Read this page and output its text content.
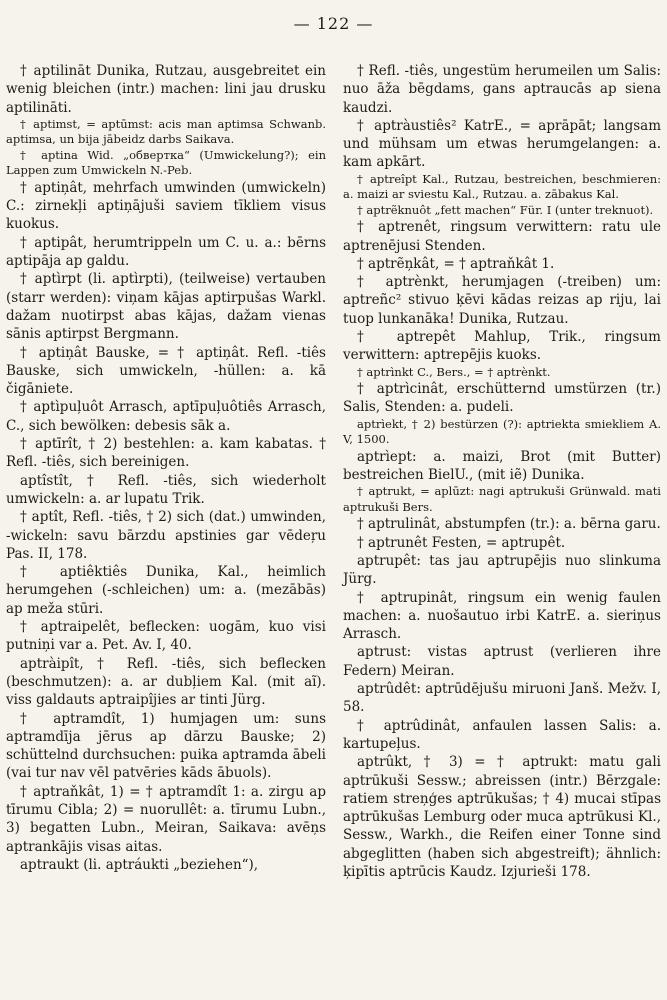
— 122 —

† aptilināt Dunika, Rutzau, ausgebreitet ein wenig bleichen (intr.) machen: lini jau drusku aptilināti.

† aptimst, = aptūmst: acis man aptimsa Schwanb. aptimsa, un bija jābeidz darbs Saikava.

† aptina Wid. „обвертка“ (Umwickelung?); ein Lappen zum Umwickeln N.-Peb.

† aptiņât, mehrfach umwinden (umwickeln) C.: zirnekļi aptiņājuši saviem tīkliem visus kuokus.

† aptipât, herumtrippeln um C. u. a.: bērns aptipāja ap galdu.

† aptìrpt (li. aptìrpti), (teilweise) vertauben (starr werden): viņam kājas aptirpušas Warkl. dažam nuotirpst abas kājas, dažam vienas sānis aptirpst Bergmann.

† aptiņât Bauske, = † aptiņât. Refl. -tiês Bauske, sich umwickeln, -hüllen: a. kā čigāniete.

† aptìpuļuôt Arrasch, aptīpuļuôtiês Arrasch, C., sich bewölken: debesis sāk a.

† aptīrît, † 2) bestehlen: a. kam kabatas. † Refl. -tiês, sich bereinigen.

aptîstît, † Refl. -tiês, sich wiederholt umwickeln: a. ar lupatu Trik.

† aptît, Refl. -tiês, † 2) sich (dat.) umwinden, -wickeln: savu bārzdu apstinies gar vēdeŗu Pas. II, 178.

† aptiêktiês Dunika, Kal., heimlich herumgehen (-schleichen) um: a. (mezābās) ap meža stūri.

† aptraipelêt, beflecken: uogām, kuo visi putniņi var a. Pet. Av. I, 40.

aptràipît, † Refl. -tiês, sich beflecken (beschmutzen): a. ar dubļiem Kal. (mit aĩ). viss galdauts aptraipîjies ar tinti Jürg.

† aptramdît, 1) humjagen um: suns aptramdīja jērus ap dārzu Bauske; 2) schüttelnd durchsuchen: puika aptramda ābeli (vai tur nav vēl patvēries kāds ābuols).

† aptraňkât, 1) = † aptramdît 1: a. zirgu ap tīrumu Cibla; 2) = nuorullêt: a. tīrumu Lubn., 3) begatten Lubn., Meiran, Saikava: avēņs aptrankājis visas aitas.

aptraukt (li. aptráukti „beziehen“),

† Refl. -tiês, ungestüm herumeilen um Salis: nuo āža bēgdams, gans aptraucās ap siena kaudzi.

† aptràustiês² KatrE., = aprāpāt; langsam und mühsam um etwas herumgelangen: a. kam apkārt.

† aptreîpt Kal., Rutzau, bestreichen, beschmieren: a. maizi ar sviestu Kal., Rutzau. a. zābakus Kal.

† aptrẽknuôt „fett machen“ Für. I (unter treknuot).

† aptrenêt, ringsum verwittern: ratu ule aptrenējusi Stenden.

† aptrẽņkât, = † aptraňkât 1.

† aptrènkt, herumjagen (-treiben) um: aptreñc² stivuo ķēvi kādas reizas ap riju, lai tuop lunkanāka! Dunika, Rutzau.

† aptrepêt Mahlup, Trik., ringsum verwittern: aptrepējis kuoks.

† aptrìnkt C., Bers., = † aptrènkt.

† aptrìcinât, erschütternd umstürzen (tr.) Salis, Stenden: a. pudeli.

aptrìekt, † 2) bestürzen (?): aptriekta smiekliem A. V, 1500.

aptrìept: a. maizi, Brot (mit Butter) bestreichen BielU., (mit iẽ) Dunika.

† aptrukt, = aplūzt: nagi aptrukuši Grünwald. mati aptrukuši Bers.

† aptrulinât, abstumpfen (tr.): a. bērna garu.

† aptrunêt Festen, = aptrupêt.

aptrupêt: tas jau aptrupējis nuo slinkuma Jürg.

† aptrupinât, ringsum ein wenig faulen machen: a. nuošautuo irbi KatrE. a. sieriņus Arrasch.

aptrust: vistas aptrust (verlieren ihre Federn) Meiran.

aptrûdêt: aptrūdējušu miruoni Janš. Mežv. I, 58.

† aptrûdinât, anfaulen lassen Salis: a. kartupeļus.

aptrûkt, † 3) = † aptrukt: matu gali aptrūkuši Sessw.; abreissen (intr.) Bērzgale: ratiem streņģes aptrūkušas; † 4) mucai stīpas aptrūkušas Lemburg oder muca aptrūkusi Kl., Sessw., Warkh., die Reifen einer Tonne sind abgeglitten (haben sich abgestreift); ähnlich: ķipītis aptrūcis Kaudz. Izjurieši 178.
